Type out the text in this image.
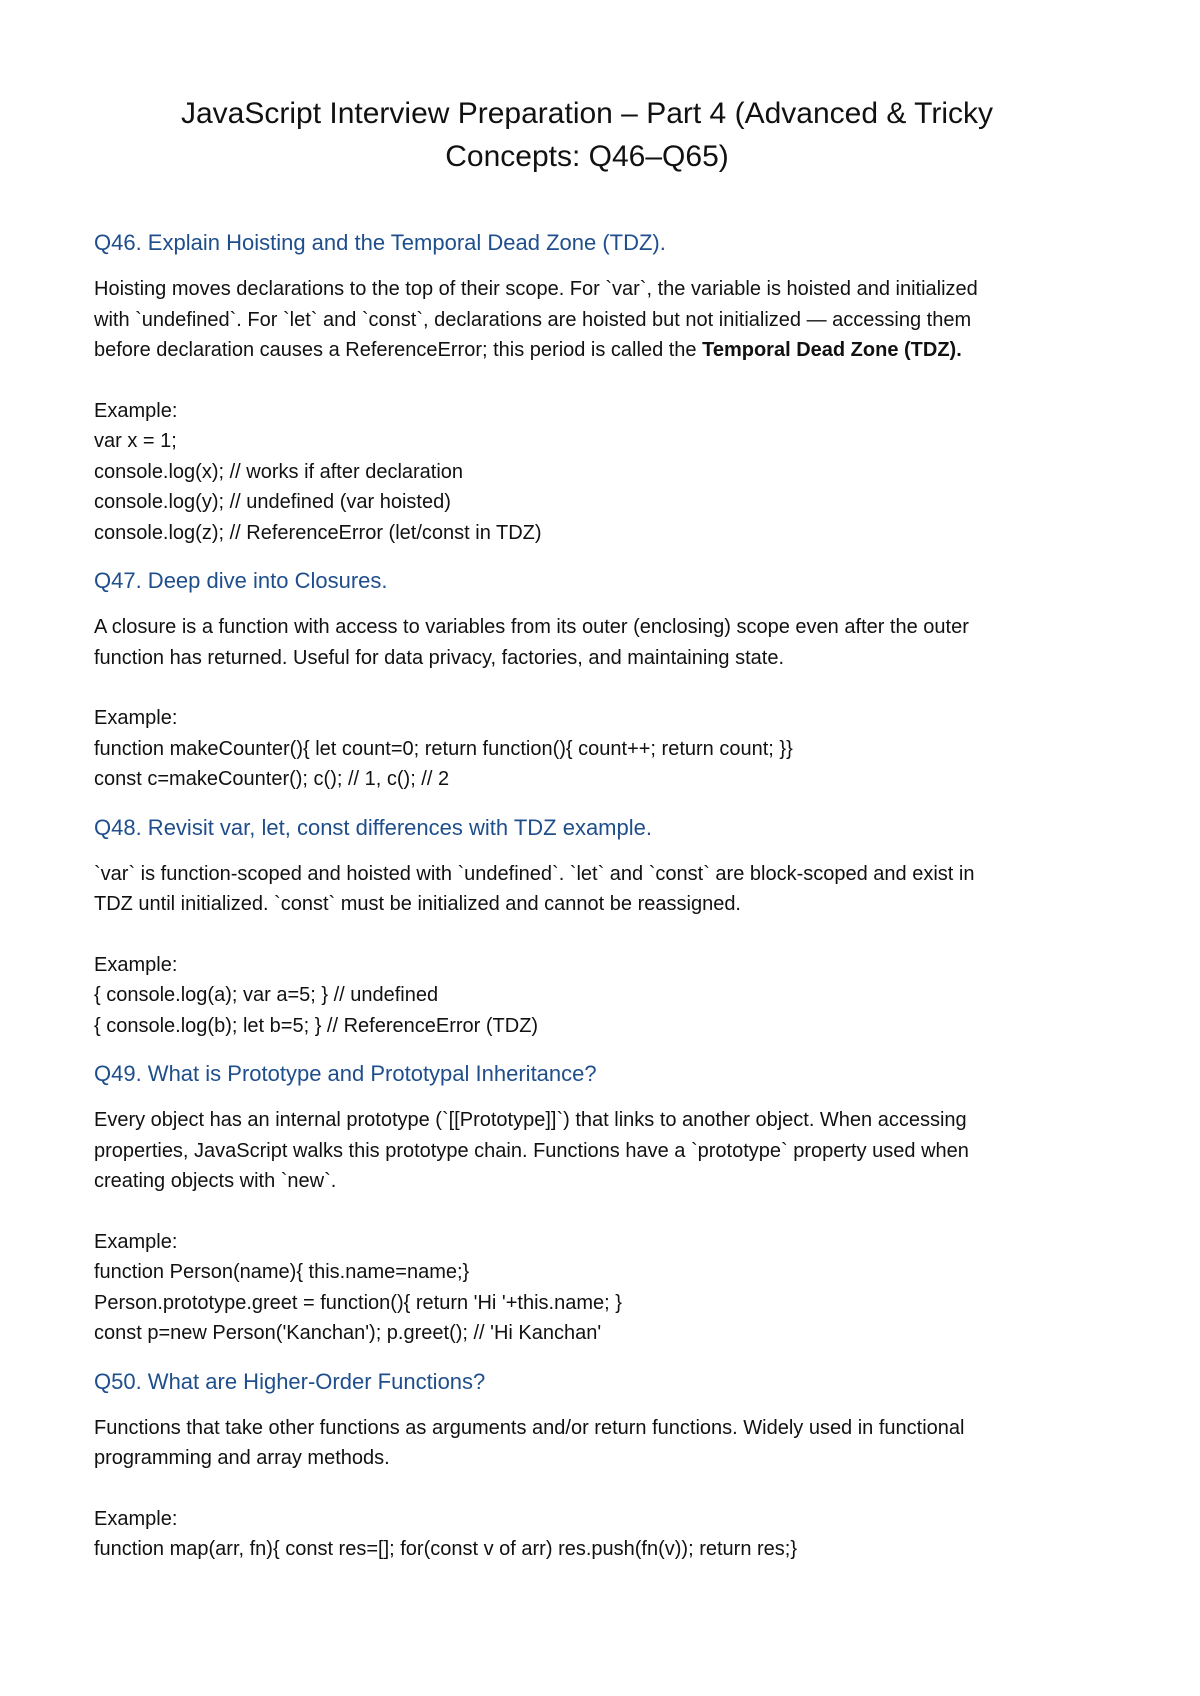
JavaScript Interview Preparation – Part 4 (Advanced & Tricky
Concepts: Q46–Q65)
Q46. Explain Hoisting and the Temporal Dead Zone (TDZ).

Hoisting moves declarations to the top of their scope. For `var`, the variable is hoisted and initialized
with `undefined`. For `let` and `const`, declarations are hoisted but not initialized — accessing them
before declaration causes a ReferenceError; this period is called the Temporal Dead Zone (TDZ).

Example:

var x = 1;

console.log(x); // works if after declaration

console.log(y); // undefined (var hoisted)

console.log(z); // ReferenceError (let/const in TDZ)

Q47. Deep dive into Closures.

A closure is a function with access to variables from its outer (enclosing) scope even after the outer
function has returned. Useful for data privacy, factories, and maintaining state.

Example:

function makeCounter(){ let count=0; return function(){ count++; return count; }}

const c=makeCounter(); c(); // 1, c(); // 2

Q48. Revisit var, let, const differences with TDZ example.

`var` is function-scoped and hoisted with `undefined`. `let` and `const` are block-scoped and exist in
TDZ until initialized. `const` must be initialized and cannot be reassigned.

Example:

{ console.log(a); var a=5; } // undefined

{ console.log(b); let b=5; } // ReferenceError (TDZ)

Q49. What is Prototype and Prototypal Inheritance?

Every object has an internal prototype (`[[Prototype]]`) that links to another object. When accessing
properties, JavaScript walks this prototype chain. Functions have a `prototype` property used when
creating objects with `new`.

Example:

function Person(name){ this.name=name;}

Person.prototype.greet = function(){ return 'Hi '+this.name; }

const p=new Person('Kanchan'); p.greet(); // 'Hi Kanchan'

Q50. What are Higher-Order Functions?

Functions that take other functions as arguments and/or return functions. Widely used in functional
programming and array methods.

Example:

function map(arr, fn){ const res=[]; for(const v of arr) res.push(fn(v)); return res;}
